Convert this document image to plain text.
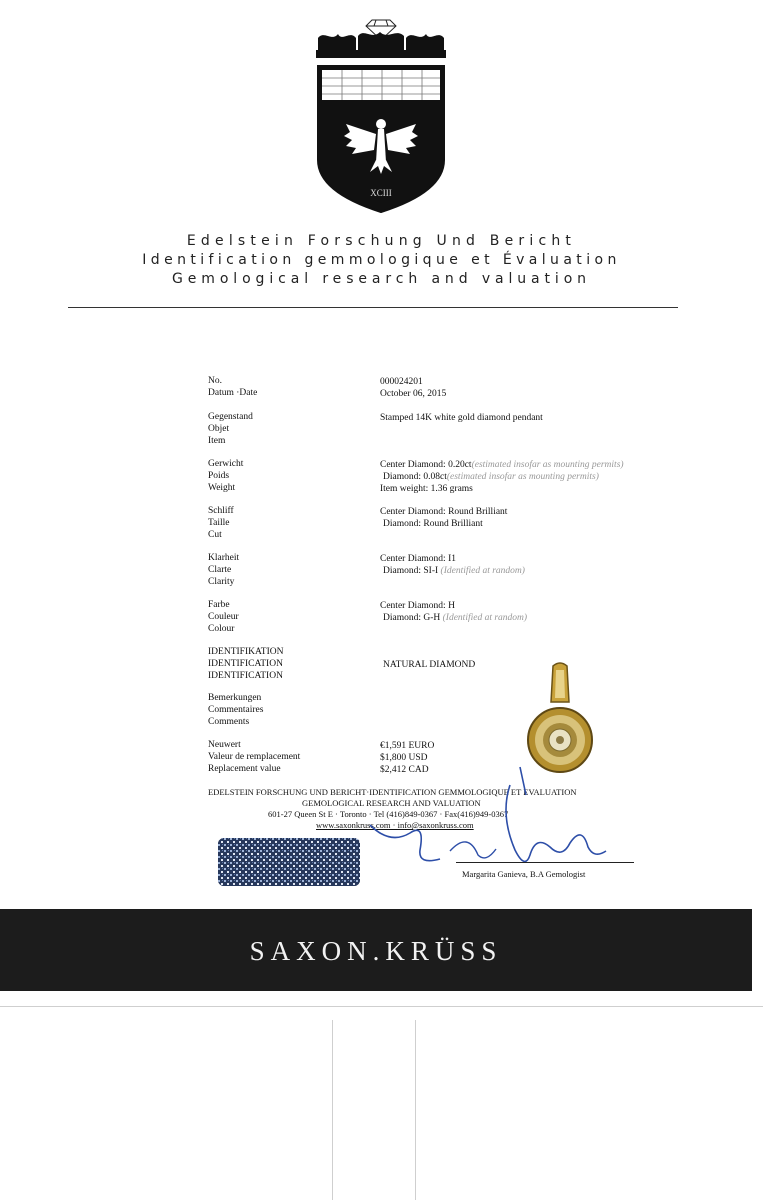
XCIII
Edelstein Forschung Und Bericht
Identification gemmologique et Évaluation
Gemological research and valuation
No.
Datum ·Date
Gegenstand
Objet
Item
Gerwicht
Poids
Weight
Schliff
Taille
Cut
Klarheit
Clarte
Clarity
Farbe
Couleur
Colour
IDENTIFIKATION
IDENTIFICATION
IDENTIFICATION
Bemerkungen
Commentaires
Comments
Neuwert
Valeur de remplacement
Replacement value
000024201
October 06, 2015
Stamped 14K white gold diamond pendant
Center Diamond: 0.20ct(estimated insofar as mounting permits)
Diamond: 0.08ct(estimated insofar as mounting permits)
Item weight: 1.36 grams
Center Diamond: Round Brilliant
Diamond: Round Brilliant
Center Diamond: I1
Diamond: SI-I (Identified at random)
Center Diamond: H
Diamond: G-H (Identified at random)
NATURAL DIAMOND
€1,591 EURO
$1,800 USD
$2,412 CAD
EDELSTEIN FORSCHUNG UND BERICHT·IDENTIFICATION GEMMOLOGIQUE ET EVALUATION
GEMOLOGICAL RESEARCH AND VALUATION
601-27 Queen St E · Toronto · Tel (416)849-0367 · Fax(416)949-0367
www.saxonkruss.com · info@saxonkruss.com
Margarita Ganieva, B.A Gemologist
SAXON.KRÜSS
